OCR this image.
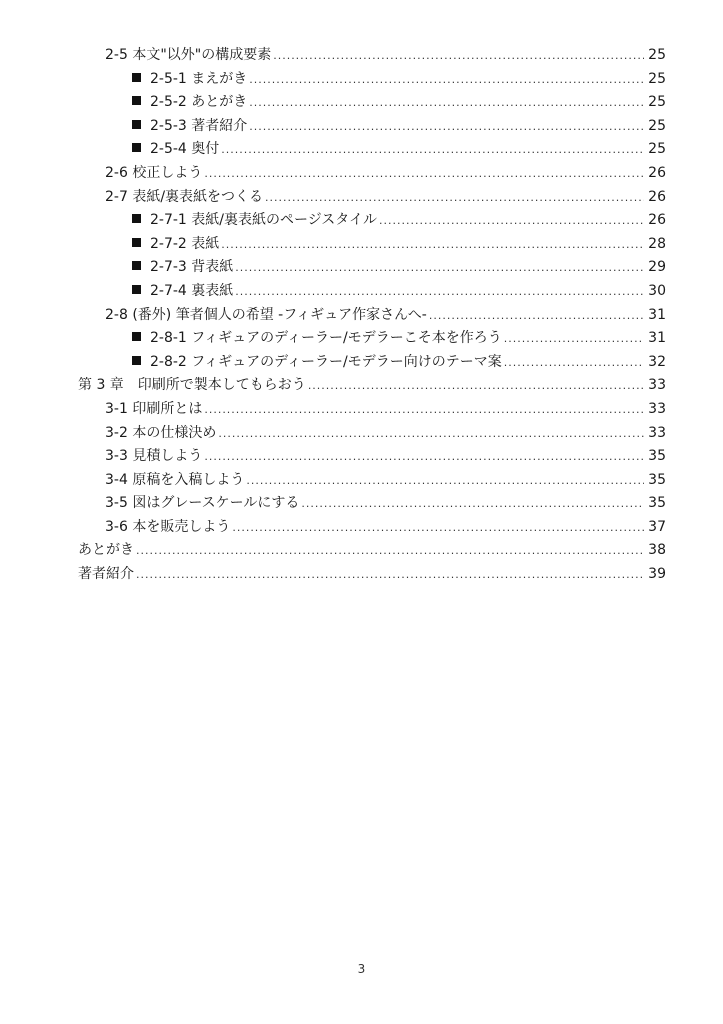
2-5 本文"以外"の構成要素 .....	25
2-5-1 まえがき .....	25
2-5-2 あとがき .....	25
2-5-3 著者紹介 .....	25
2-5-4 奥付 .....	25
2-6 校正しよう .....	26
2-7 表紙/裏表紙をつくる .....	26
2-7-1 表紙/裏表紙のページスタイル .....	26
2-7-2 表紙 .....	28
2-7-3 背表紙 .....	29
2-7-4 裏表紙 .....	30
2-8 (番外) 筆者個人の希望 -フィギュア作家さんへ- .....	31
2-8-1 フィギュアのディーラー/モデラーこそ本を作ろう .....	31
2-8-2 フィギュアのディーラー/モデラー向けのテーマ案 .....	32
第 3 章　印刷所で製本してもらおう .....	33
3-1 印刷所とは .....	33
3-2 本の仕様決め .....	33
3-3 見積しよう .....	35
3-4 原稿を入稿しよう .....	35
3-5 図はグレースケールにする .....	35
3-6 本を販売しよう .....	37
あとがき .....	38
著者紹介 .....	39
3
